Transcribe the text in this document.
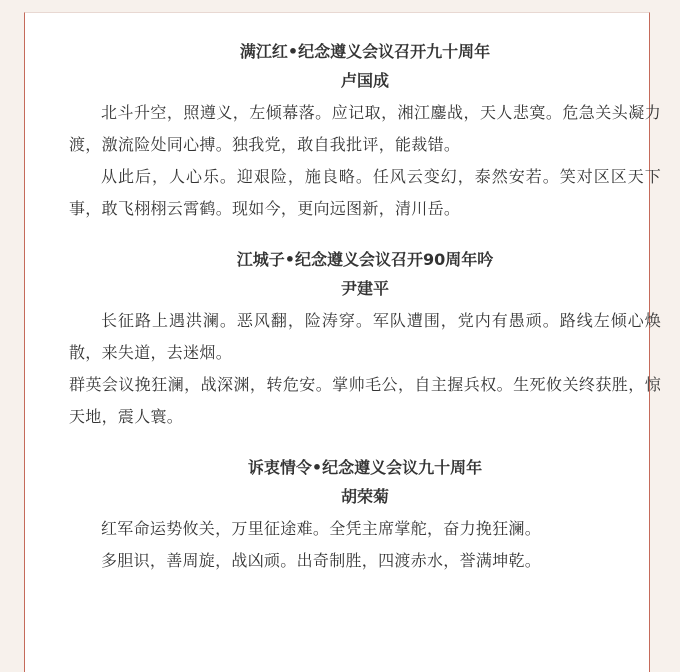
满江红•纪念遵义会议召开九十周年
卢国成

北斗升空，照遵义，左倾幕落。应记取，湘江鏖战，天人悲寞。危急关头凝力渡，激流险处同心搏。独我党，敢自我批评，能裁错。

从此后，人心乐。迎艰险，施良略。任风云变幻，泰然安若。笑对区区天下事，敢飞栩栩云霄鹤。现如今，更向远图新，清川岳。

江城子•纪念遵义会议召开90周年吟
尹建平

长征路上遇洪澜。恶风翻，险涛穿。军队遭围，党内有愚顽。路线左倾心焕散，来失道，去迷烟。

群英会议挽狂澜，战深渊，转危安。掌帅毛公，自主握兵权。生死攸关终获胜，惊天地，震人寰。

诉衷情令•纪念遵义会议九十周年
胡荣菊

红军命运势攸关，万里征途难。全凭主席掌舵，奋力挽狂澜。

多胆识，善周旋，战凶顽。出奇制胜，四渡赤水，誉满坤乾。
